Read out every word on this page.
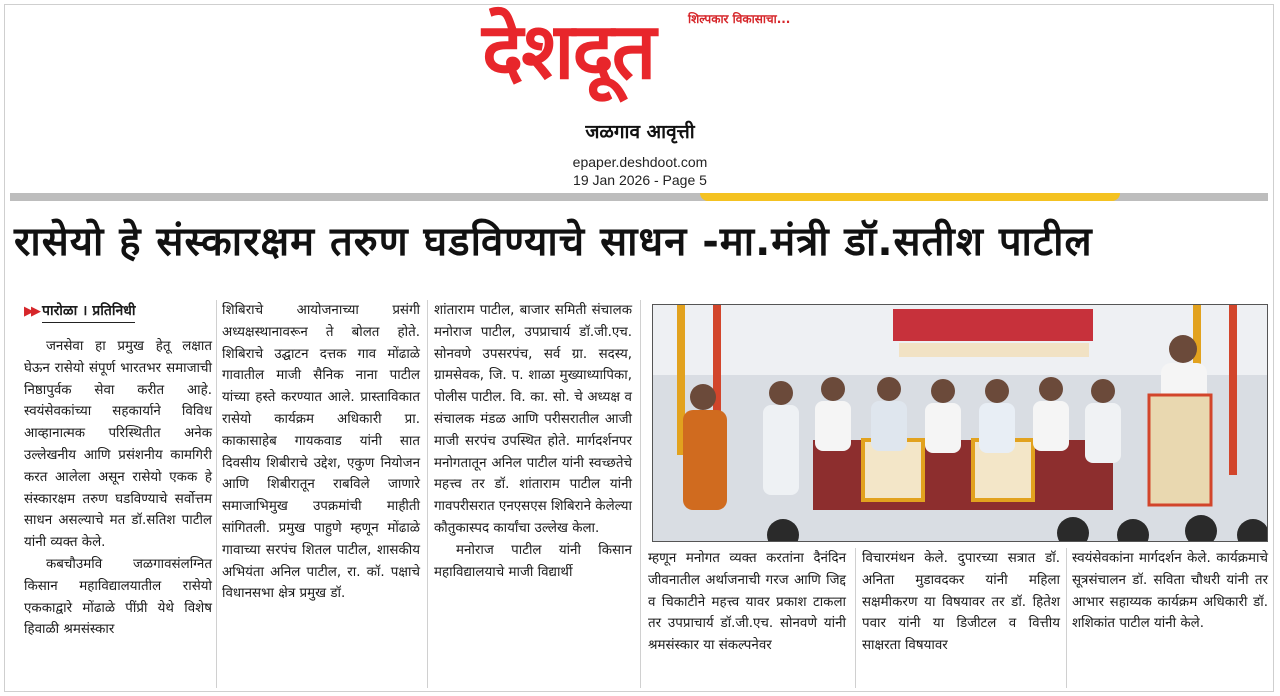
शिल्पकार विकासाचा...
देशदूत
जळगाव आवृत्ती
epaper.deshdoot.com
19 Jan 2026 - Page 5
रासेयो हे संस्कारक्षम तरुण घडविण्याचे साधन -मा.मंत्री डॉ.सतीश पाटील
▶▶ पारोळा । प्रतिनिधी

जनसेवा हा प्रमुख हेतू लक्षात घेऊन रासेयो संपूर्ण भारतभर समाजाची निष्ठापुर्वक सेवा करीत आहे. स्वयंसेवकांच्या सहकार्याने विविध आव्हानात्मक परिस्थितीत अनेक उल्लेखनीय आणि प्रसंशनीय कामगिरी करत आलेला असून रासेयो एकक हे संस्कारक्षम तरुण घडविण्याचे सर्वोत्तम साधन असल्याचे मत डॉ.सतिश पाटील यांनी व्यक्त केले.

कबचौउमवि जळगावसंलग्नित किसान महाविद्यालयातील रासेयो एककाद्वारे मोंढाळे पींप्री येथे विशेष हिवाळी श्रमसंस्कार

शिबिराचे आयोजनाच्या प्रसंगी अध्यक्षस्थानावरून ते बोलत होते. शिबिराचे उद्घाटन दत्तक गाव मोंढाळे गावातील माजी सैनिक नाना पाटील यांच्या हस्ते करण्यात आले. प्रास्ताविकात रासेयो कार्यक्रम अधिकारी प्रा. काकासाहेब गायकवाड यांनी सात दिवसीय शिबीराचे उद्देश, एकुण नियोजन आणि शिबीरातून राबविले जाणारे समाजाभिमुख उपक्रमांची माहीती सांगितली. प्रमुख पाहुणे म्हणून मोंढाळे गावाच्या सरपंच शितल पाटील, शासकीय अभियंता अनिल पाटील, रा. कॉ. पक्षाचे विधानसभा क्षेत्र प्रमुख डॉ.

शांताराम पाटील, बाजार समिती संचालक मनोराज पाटील, उपप्राचार्य डॉ.जी.एच. सोनवणे उपसरपंच, सर्व ग्रा. सदस्य, ग्रामसेवक, जि. प. शाळा मुख्याध्यापिका, पोलीस पाटील. वि. का. सो. चे अध्यक्ष व संचालक मंडळ आणि परीसरातील आजी माजी सरपंच उपस्थित होते. मार्गदर्शनपर मनोगतातून अनिल पाटील यांनी स्वच्छतेचे महत्त्व तर डॉ. शांताराम पाटील यांनी गावपरीसरात एनएसएस शिबिराने केलेल्या कौतुकास्पद कार्यांचा उल्लेख केला.

मनोराज पाटील यांनी किसान महाविद्यालयाचे माजी विद्यार्थी

म्हणून मनोगत व्यक्त करतांना दैनंदिन जीवनातील अर्थाजनाची गरज आणि जिद्द व चिकाटीने महत्त्व यावर प्रकाश टाकला तर उपप्राचार्य डॉ.जी.एच. सोनवणे यांनी श्रमसंस्कार या संकल्पनेवर

विचारमंथन केले. दुपारच्या सत्रात डॉ. अनिता मुडावदकर यांनी महिला सक्षमीकरण या विषयावर तर डॉ. हितेश पवार यांनी या डिजीटल व वित्तीय साक्षरता विषयावर

स्वयंसेवकांना मार्गदर्शन केले. कार्यक्रमाचे सूत्रसंचालन डॉ. सविता चौधरी यांनी तर आभार सहाय्यक कार्यक्रम अधिकारी डॉ. शशिकांत पाटील यांनी केले.
